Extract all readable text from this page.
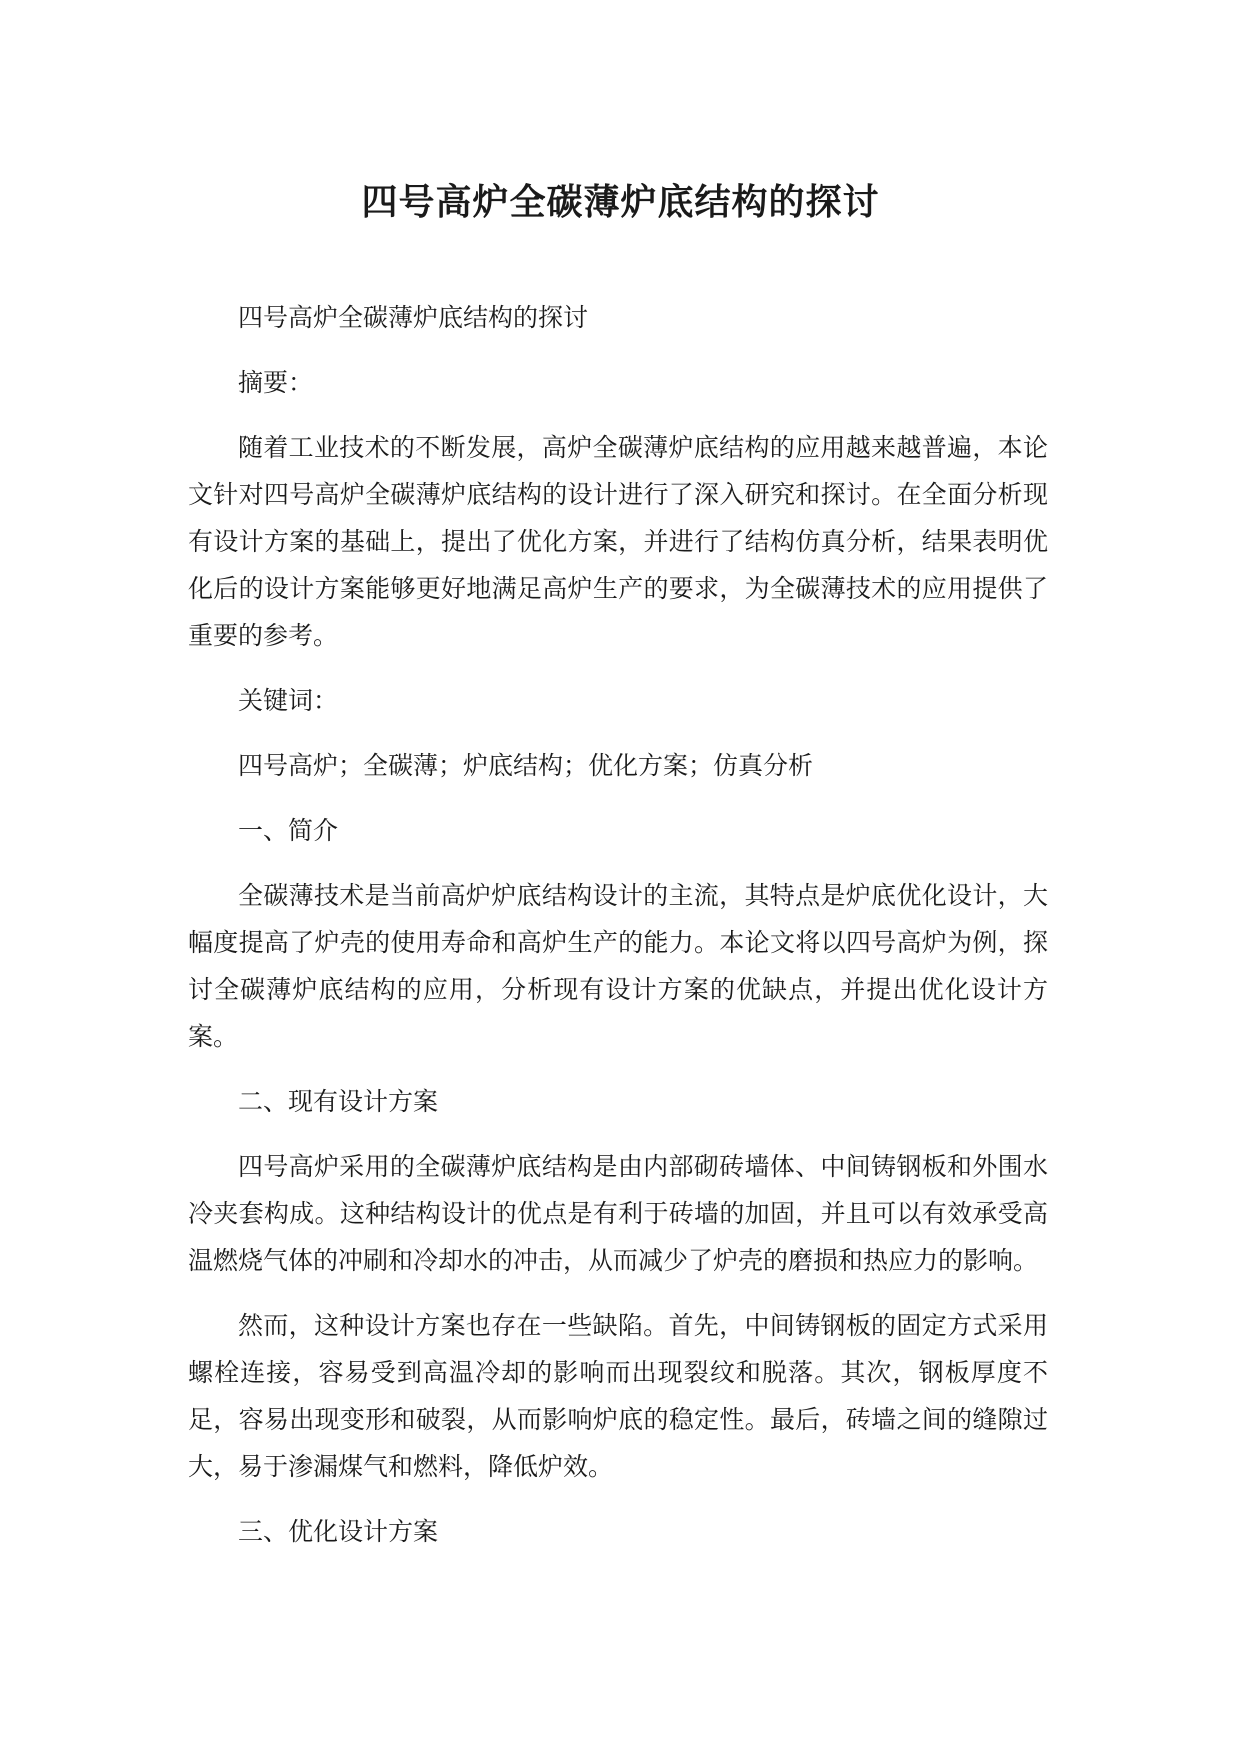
四号高炉全碳薄炉底结构的探讨

四号高炉全碳薄炉底结构的探讨

摘要：

随着工业技术的不断发展，高炉全碳薄炉底结构的应用越来越普遍，本论文针对四号高炉全碳薄炉底结构的设计进行了深入研究和探讨。在全面分析现有设计方案的基础上，提出了优化方案，并进行了结构仿真分析，结果表明优化后的设计方案能够更好地满足高炉生产的要求，为全碳薄技术的应用提供了重要的参考。

关键词：

四号高炉；全碳薄；炉底结构；优化方案；仿真分析

一、简介

全碳薄技术是当前高炉炉底结构设计的主流，其特点是炉底优化设计，大幅度提高了炉壳的使用寿命和高炉生产的能力。本论文将以四号高炉为例，探讨全碳薄炉底结构的应用，分析现有设计方案的优缺点，并提出优化设计方案。

二、现有设计方案

四号高炉采用的全碳薄炉底结构是由内部砌砖墙体、中间铸钢板和外围水冷夹套构成。这种结构设计的优点是有利于砖墙的加固，并且可以有效承受高温燃烧气体的冲刷和冷却水的冲击，从而减少了炉壳的磨损和热应力的影响。

然而，这种设计方案也存在一些缺陷。首先，中间铸钢板的固定方式采用螺栓连接，容易受到高温冷却的影响而出现裂纹和脱落。其次，钢板厚度不足，容易出现变形和破裂，从而影响炉底的稳定性。最后，砖墙之间的缝隙过大，易于渗漏煤气和燃料，降低炉效。

三、优化设计方案
